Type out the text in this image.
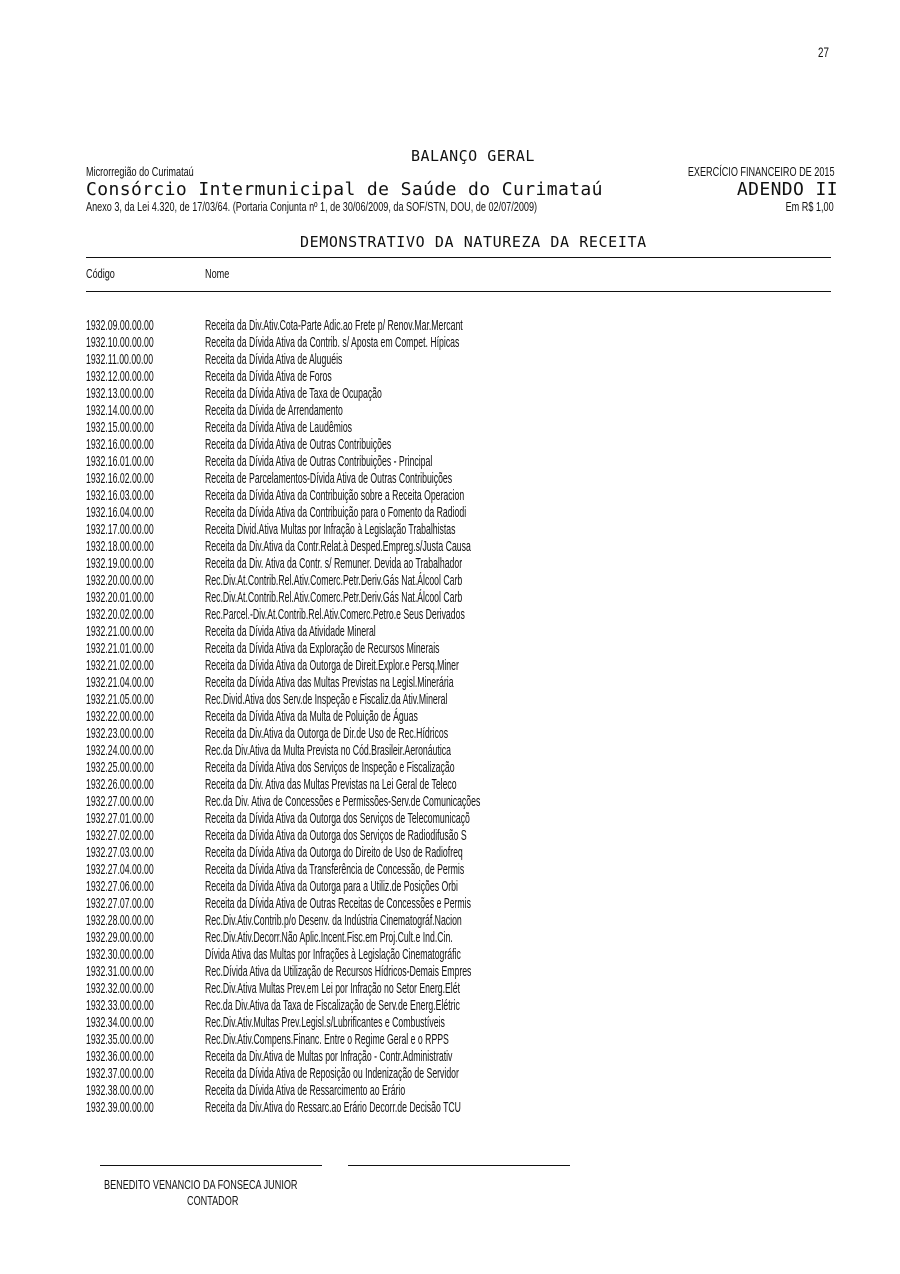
27
BALANÇO GERAL
Microrregião do Curimataú	EXERCÍCIO FINANCEIRO DE 2015
Consórcio Intermunicipal de Saúde do Curimataú	ADENDO II
Anexo 3, da Lei 4.320, de 17/03/64. (Portaria Conjunta nº 1, de 30/06/2009, da SOF/STN, DOU, de 02/07/2009)	Em R$ 1,00
DEMONSTRATIVO DA NATUREZA DA RECEITA
Código	Nome
1932.09.00.00.00	Receita da Div.Ativ.Cota-Parte Adic.ao Frete p/ Renov.Mar.Mercant
1932.10.00.00.00	Receita da Dívida Ativa da Contrib. s/ Aposta em Compet. Hípicas
1932.11.00.00.00	Receita da Dívida Ativa de Aluguéis
1932.12.00.00.00	Receita da Dívida Ativa de Foros
1932.13.00.00.00	Receita da Dívida Ativa de Taxa de Ocupação
1932.14.00.00.00	Receita da Dívida de Arrendamento
1932.15.00.00.00	Receita da Dívida Ativa de Laudêmios
1932.16.00.00.00	Receita da Dívida Ativa de Outras Contribuições
1932.16.01.00.00	Receita da Dívida Ativa de Outras Contribuições - Principal
1932.16.02.00.00	Receita de Parcelamentos-Dívida Ativa de Outras Contribuições
1932.16.03.00.00	Receita da Dívida Ativa da Contribuição sobre a Receita Operacion
1932.16.04.00.00	Receita da Dívida Ativa da Contribuição para o Fomento da Radiodi
1932.17.00.00.00	Receita Divid.Ativa Multas por Infração à Legislação Trabalhistas
1932.18.00.00.00	Receita da Div.Ativa da Contr.Relat.à Desped.Empreg.s/Justa Causa
1932.19.00.00.00	Receita da Div. Ativa da Contr. s/ Remuner. Devida ao Trabalhador
1932.20.00.00.00	Rec.Div.At.Contrib.Rel.Ativ.Comerc.Petr.Deriv.Gás Nat.Álcool Carb
1932.20.01.00.00	Rec.Div.At.Contrib.Rel.Ativ.Comerc.Petr.Deriv.Gás Nat.Álcool Carb
1932.20.02.00.00	Rec.Parcel.-Div.At.Contrib.Rel.Ativ.Comerc.Petro.e Seus Derivados
1932.21.00.00.00	Receita da Dívida Ativa da Atividade Mineral
1932.21.01.00.00	Receita da Dívida Ativa da Exploração de Recursos Minerais
1932.21.02.00.00	Receita da Dívida Ativa da Outorga de Direit.Explor.e Persq.Miner
1932.21.04.00.00	Receita da Dívida Ativa das Multas Previstas na Legisl.Minerária
1932.21.05.00.00	Rec.Divid.Ativa dos Serv.de Inspeção e Fiscaliz.da Ativ.Mineral
1932.22.00.00.00	Receita da Dívida Ativa da Multa de Poluição de Águas
1932.23.00.00.00	Receita da Div.Ativa da Outorga de Dir.de Uso de Rec.Hídricos
1932.24.00.00.00	Rec.da Div.Ativa da Multa Prevista no Cód.Brasileir.Aeronáutica
1932.25.00.00.00	Receita da Dívida Ativa dos Serviços de Inspeção e Fiscalização
1932.26.00.00.00	Receita da Div. Ativa das Multas Previstas na Lei Geral de Teleco
1932.27.00.00.00	Rec.da Div. Ativa de Concessões e Permissões-Serv.de Comunicações
1932.27.01.00.00	Receita da Dívida Ativa da Outorga dos Serviços de Telecomunicaçõ
1932.27.02.00.00	Receita da Dívida Ativa da Outorga dos Serviços de Radiodifusão S
1932.27.03.00.00	Receita da Dívida Ativa da Outorga do Direito de Uso de Radiofreq
1932.27.04.00.00	Receita da Dívida Ativa da Transferência de Concessão, de Permis
1932.27.06.00.00	Receita da Dívida Ativa da Outorga para a Utiliz.de Posições Orbi
1932.27.07.00.00	Receita da Dívida Ativa de Outras Receitas de Concessões e Permis
1932.28.00.00.00	Rec.Div.Ativ.Contrib.p/o Desenv. da Indústria Cinematográf.Nacion
1932.29.00.00.00	Rec.Div.Ativ.Decorr.Não Aplic.Incent.Fisc.em Proj.Cult.e Ind.Cin.
1932.30.00.00.00	Dívida Ativa das Multas por Infrações à Legislação Cinematográfic
1932.31.00.00.00	Rec.Dívida Ativa da Utilização de Recursos Hídricos-Demais Empres
1932.32.00.00.00	Rec.Div.Ativa Multas Prev.em Lei por Infração no Setor Energ.Elét
1932.33.00.00.00	Rec.da Div.Ativa da Taxa de Fiscalização de Serv.de Energ.Elétric
1932.34.00.00.00	Rec.Div.Ativ.Multas Prev.Legisl.s/Lubrificantes e Combustíveis
1932.35.00.00.00	Rec.Div.Ativ.Compens.Financ. Entre o Regime Geral e o RPPS
1932.36.00.00.00	Receita da Div.Ativa de Multas por Infração - Contr.Administrativ
1932.37.00.00.00	Receita da Dívida Ativa de Reposição ou Indenização de Servidor
1932.38.00.00.00	Receita da Dívida Ativa de Ressarcimento ao Erário
1932.39.00.00.00	Receita da Div.Ativa do Ressarc.ao Erário Decorr.de Decisão TCU
BENEDITO VENANCIO DA FONSECA JUNIOR
CONTADOR
